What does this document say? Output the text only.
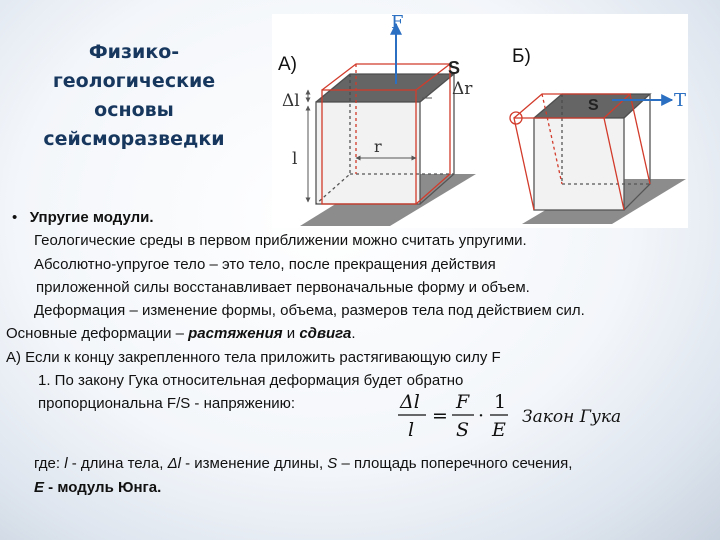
Физико-
геологические
основы
сейсморазведки
F
Δl
l
r
Δr
А)	S
Б)
T
S

• Упругие модули.

Геологические среды в первом приближении можно считать упругими.

Абсолютно-упругое тело – это тело, после прекращения действия

приложенной силы восстанавливает первоначальные форму и объем.

Деформация – изменение формы, объема, размеров тела под действием сил.

Основные деформации – растяжения и сдвига.

А) Если к концу закрепленного тела приложить растягивающую силу F

1. По закону Гука относительная деформация будет обратно

пропорциональна F/S - напряжению:	Δl
l
=
F
S
·
1
E
Закон Гука

где: l - длина тела, Δl - изменение длины, S – площадь поперечного сечения,

E - модуль Юнга.
